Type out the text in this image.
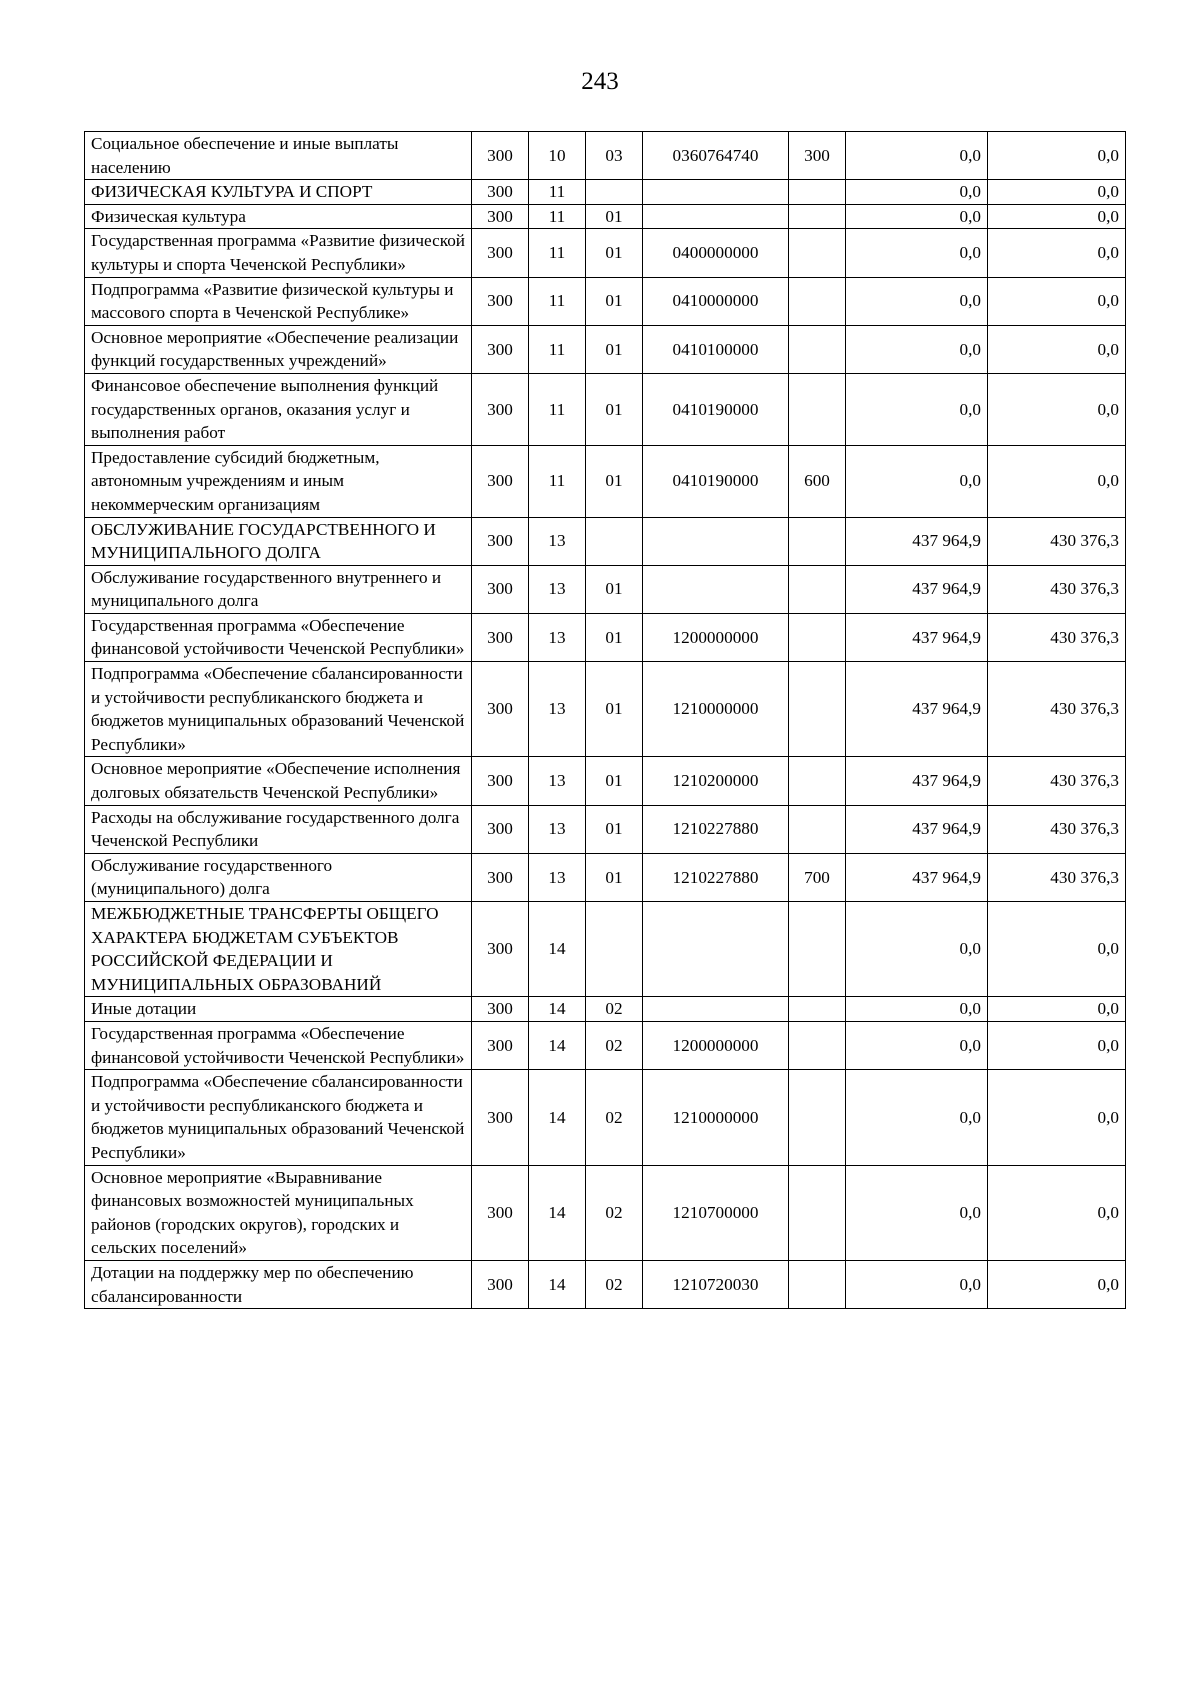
243
Социальное обеспечение и иные выплаты населению	300	10	03	0360764740	300	0,0	0,0
ФИЗИЧЕСКАЯ КУЛЬТУРА И СПОРТ	300	11				0,0	0,0
Физическая культура	300	11	01			0,0	0,0
Государственная программа «Развитие физической культуры и спорта Чеченской Республики»	300	11	01	0400000000		0,0	0,0
Подпрограмма «Развитие физической культуры и массового спорта в Чеченской Республике»	300	11	01	0410000000		0,0	0,0
Основное мероприятие «Обеспечение реализации функций государственных учреждений»	300	11	01	0410100000		0,0	0,0
Финансовое обеспечение выполнения функций государственных органов, оказания услуг и выполнения работ	300	11	01	0410190000		0,0	0,0
Предоставление субсидий бюджетным, автономным учреждениям и иным некоммерческим организациям	300	11	01	0410190000	600	0,0	0,0
ОБСЛУЖИВАНИЕ ГОСУДАРСТВЕННОГО И МУНИЦИПАЛЬНОГО ДОЛГА	300	13				437 964,9	430 376,3
Обслуживание государственного внутреннего и муниципального долга	300	13	01			437 964,9	430 376,3
Государственная программа «Обеспечение финансовой устойчивости Чеченской Республики»	300	13	01	1200000000		437 964,9	430 376,3
Подпрограмма «Обеспечение сбалансированности и устойчивости республиканского бюджета и бюджетов муниципальных образований Чеченской Республики»	300	13	01	1210000000		437 964,9	430 376,3
Основное мероприятие «Обеспечение исполнения долговых обязательств Чеченской Республики»	300	13	01	1210200000		437 964,9	430 376,3
Расходы на обслуживание государственного долга Чеченской Республики	300	13	01	1210227880		437 964,9	430 376,3
Обслуживание государственного (муниципального) долга	300	13	01	1210227880	700	437 964,9	430 376,3
МЕЖБЮДЖЕТНЫЕ ТРАНСФЕРТЫ ОБЩЕГО ХАРАКТЕРА БЮДЖЕТАМ СУБЪЕКТОВ РОССИЙСКОЙ ФЕДЕРАЦИИ И МУНИЦИПАЛЬНЫХ ОБРАЗОВАНИЙ	300	14				0,0	0,0
Иные дотации	300	14	02			0,0	0,0
Государственная программа «Обеспечение финансовой устойчивости Чеченской Республики»	300	14	02	1200000000		0,0	0,0
Подпрограмма «Обеспечение сбалансированности и устойчивости республиканского бюджета и бюджетов муниципальных образований Чеченской Республики»	300	14	02	1210000000		0,0	0,0
Основное мероприятие «Выравнивание финансовых возможностей муниципальных районов (городских округов), городских и сельских поселений»	300	14	02	1210700000		0,0	0,0
Дотации на поддержку мер по обеспечению сбалансированности	300	14	02	1210720030		0,0	0,0
